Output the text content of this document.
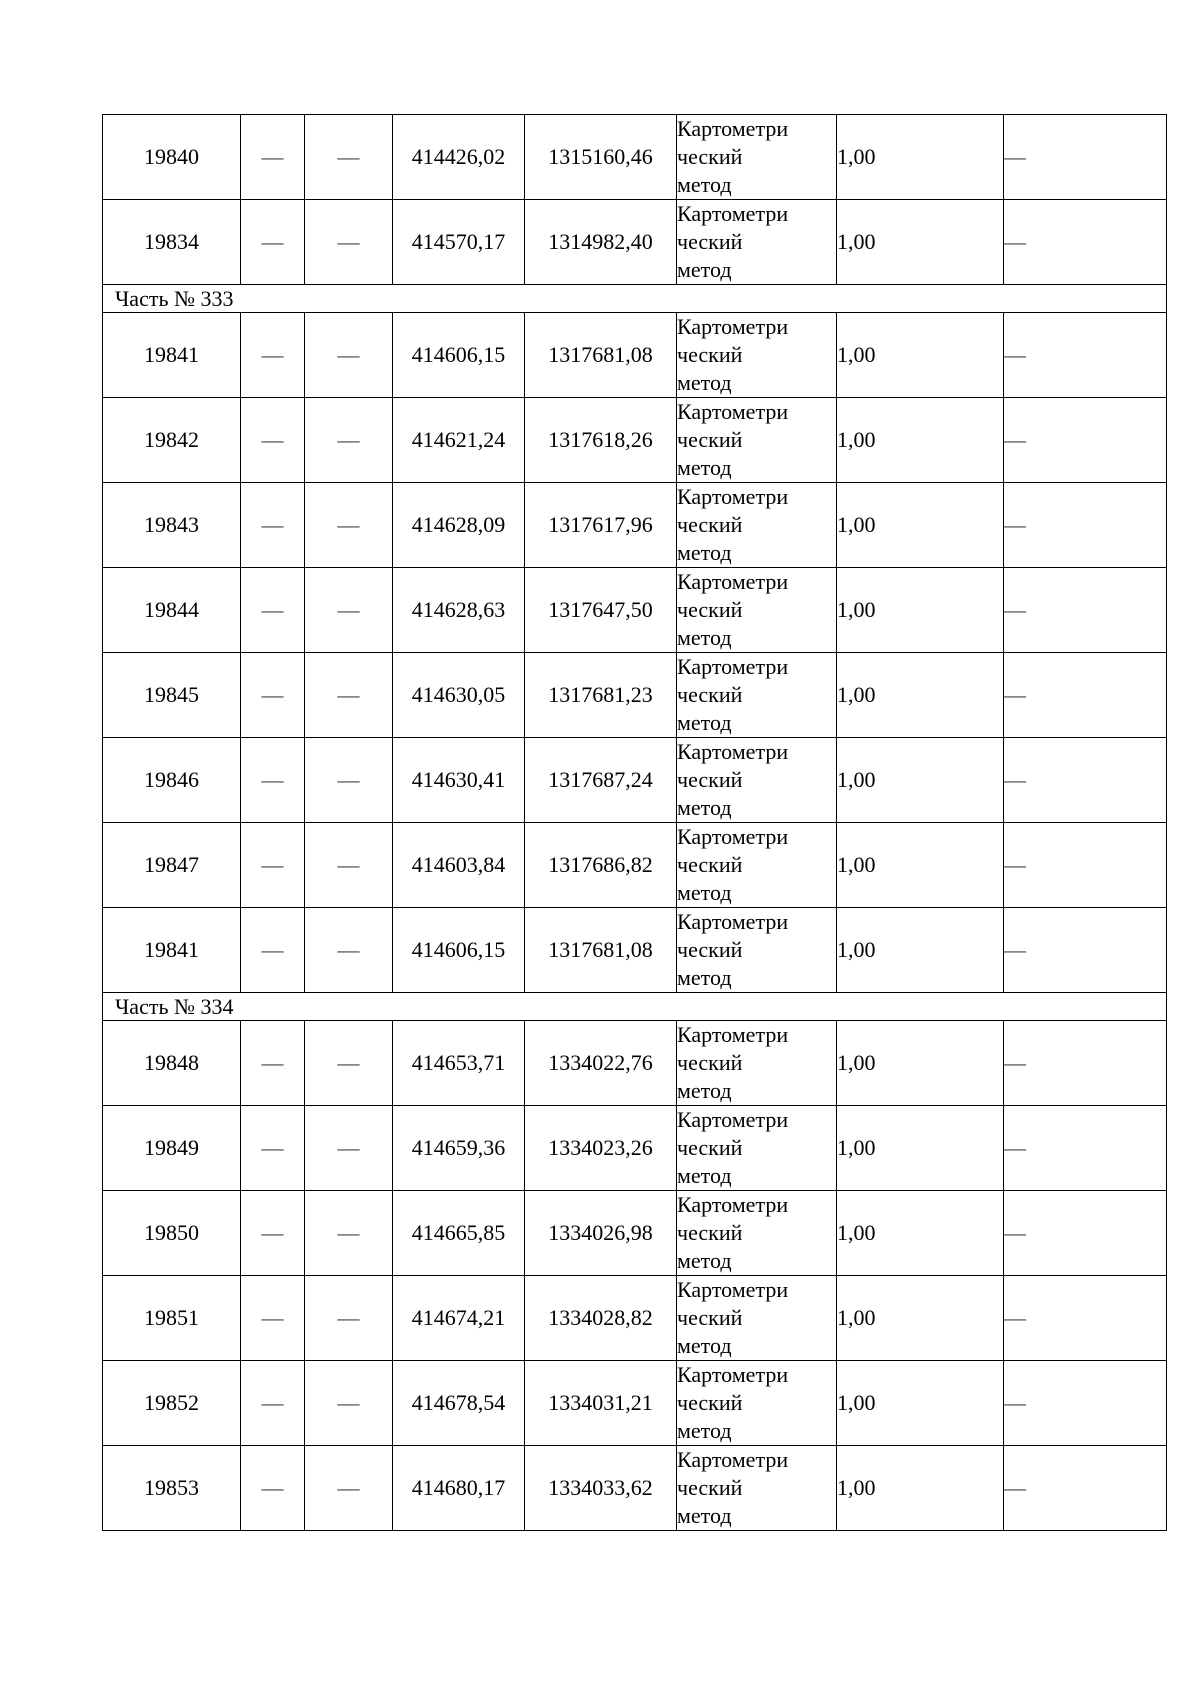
19840	—	—	414426,02	1315160,46	Картометри
ческий
метод	1,00	—
19834	—	—	414570,17	1314982,40	Картометри
ческий
метод	1,00	—
Часть № 333							
19841	—	—	414606,15	1317681,08	Картометри
ческий
метод	1,00	—
19842	—	—	414621,24	1317618,26	Картометри
ческий
метод	1,00	—
19843	—	—	414628,09	1317617,96	Картометри
ческий
метод	1,00	—
19844	—	—	414628,63	1317647,50	Картометри
ческий
метод	1,00	—
19845	—	—	414630,05	1317681,23	Картометри
ческий
метод	1,00	—
19846	—	—	414630,41	1317687,24	Картометри
ческий
метод	1,00	—
19847	—	—	414603,84	1317686,82	Картометри
ческий
метод	1,00	—
19841	—	—	414606,15	1317681,08	Картометри
ческий
метод	1,00	—
Часть № 334							
19848	—	—	414653,71	1334022,76	Картометри
ческий
метод	1,00	—
19849	—	—	414659,36	1334023,26	Картометри
ческий
метод	1,00	—
19850	—	—	414665,85	1334026,98	Картометри
ческий
метод	1,00	—
19851	—	—	414674,21	1334028,82	Картометри
ческий
метод	1,00	—
19852	—	—	414678,54	1334031,21	Картометри
ческий
метод	1,00	—
19853	—	—	414680,17	1334033,62	Картометри
ческий
метод	1,00	—
